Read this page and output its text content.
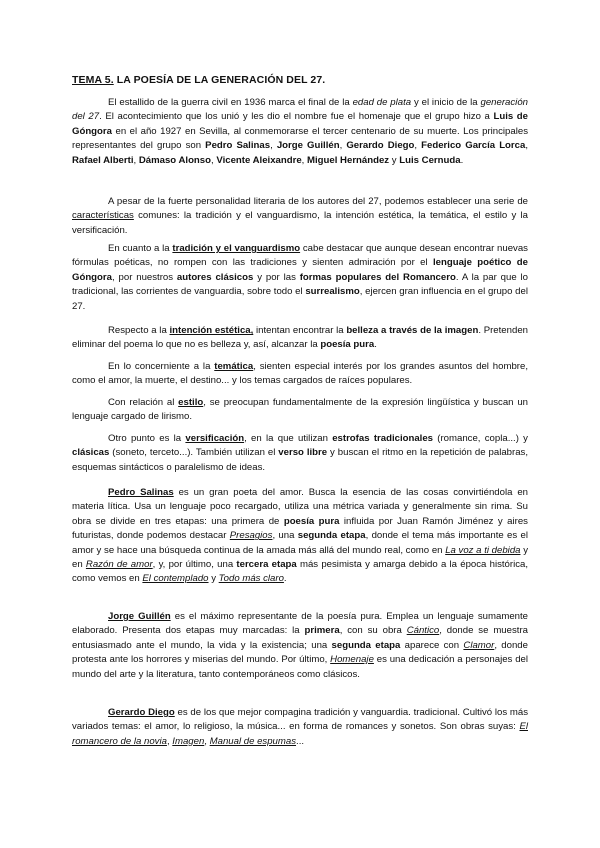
TEMA 5. LA POESÍA DE LA GENERACIÓN DEL 27.

El estallido de la guerra civil en 1936 marca el final de la edad de plata y el inicio de la generación del 27. El acontecimiento que los unió y les dio el nombre fue el homenaje que el grupo hizo a Luis de Góngora en el año 1927 en Sevilla, al conmemorarse el tercer centenario de su muerte. Los principales representantes del grupo son Pedro Salinas, Jorge Guillén, Gerardo Diego, Federico García Lorca, Rafael Alberti, Dámaso Alonso, Vicente Aleixandre, Miguel Hernández y Luis Cernuda.

A pesar de la fuerte personalidad literaria de los autores del 27, podemos establecer una serie de características comunes: la tradición y el vanguardismo, la intención estética, la temática, el estilo y la versificación.

En cuanto a la tradición y el vanguardismo cabe destacar que aunque desean encontrar nuevas fórmulas poéticas, no rompen con las tradiciones y sienten admiración por el lenguaje poético de Góngora, por nuestros autores clásicos y por las formas populares del Romancero. A la par que lo tradicional, las corrientes de vanguardia, sobre todo el surrealismo, ejercen gran influencia en el grupo del 27.

Respecto a la intención estética, intentan encontrar la belleza a través de la imagen. Pretenden eliminar del poema lo que no es belleza y, así, alcanzar la poesía pura.

En lo concerniente a la temática, sienten especial interés por los grandes asuntos del hombre, como el amor, la muerte, el destino... y los temas cargados de raíces populares.

Con relación al estilo, se preocupan fundamentalmente de la expresión lingüística y buscan un lenguaje cargado de lirismo.

Otro punto es la versificación, en la que utilizan estrofas tradicionales (romance, copla...) y clásicas (soneto, terceto...). También utilizan el verso libre y buscan el ritmo en la repetición de palabras, esquemas sintácticos o paralelismo de ideas.

Pedro Salinas es un gran poeta del amor. Busca la esencia de las cosas convirtiéndola en materia lítica. Usa un lenguaje poco recargado, utiliza una métrica variada y generalmente sin rima. Su obra se divide en tres etapas: una primera de poesía pura influida por Juan Ramón Jiménez y aires futuristas, donde podemos destacar Presagios, una segunda etapa, donde el tema más importante es el amor y se hace una búsqueda continua de la amada más allá del mundo real, como en La voz a ti debida y en Razón de amor, y, por último, una tercera etapa más pesimista y amarga debido a la época histórica, como vemos en El contemplado y Todo más claro.

Jorge Guillén es el máximo representante de la poesía pura. Emplea un lenguaje sumamente elaborado. Presenta dos etapas muy marcadas: la primera, con su obra Cántico, donde se muestra entusiasmado ante el mundo, la vida y la existencia; una segunda etapa aparece con Clamor, donde protesta ante los horrores y miserias del mundo. Por último, Homenaje es una dedicación a personajes del mundo del arte y la literatura, tanto contemporáneos como clásicos.

Gerardo Diego es de los que mejor compagina tradición y vanguardia. tradicional. Cultivó los más variados temas: el amor, lo religioso, la música... en forma de romances y sonetos. Son obras suyas: El romancero de la novia, Imagen, Manual de espumas...
